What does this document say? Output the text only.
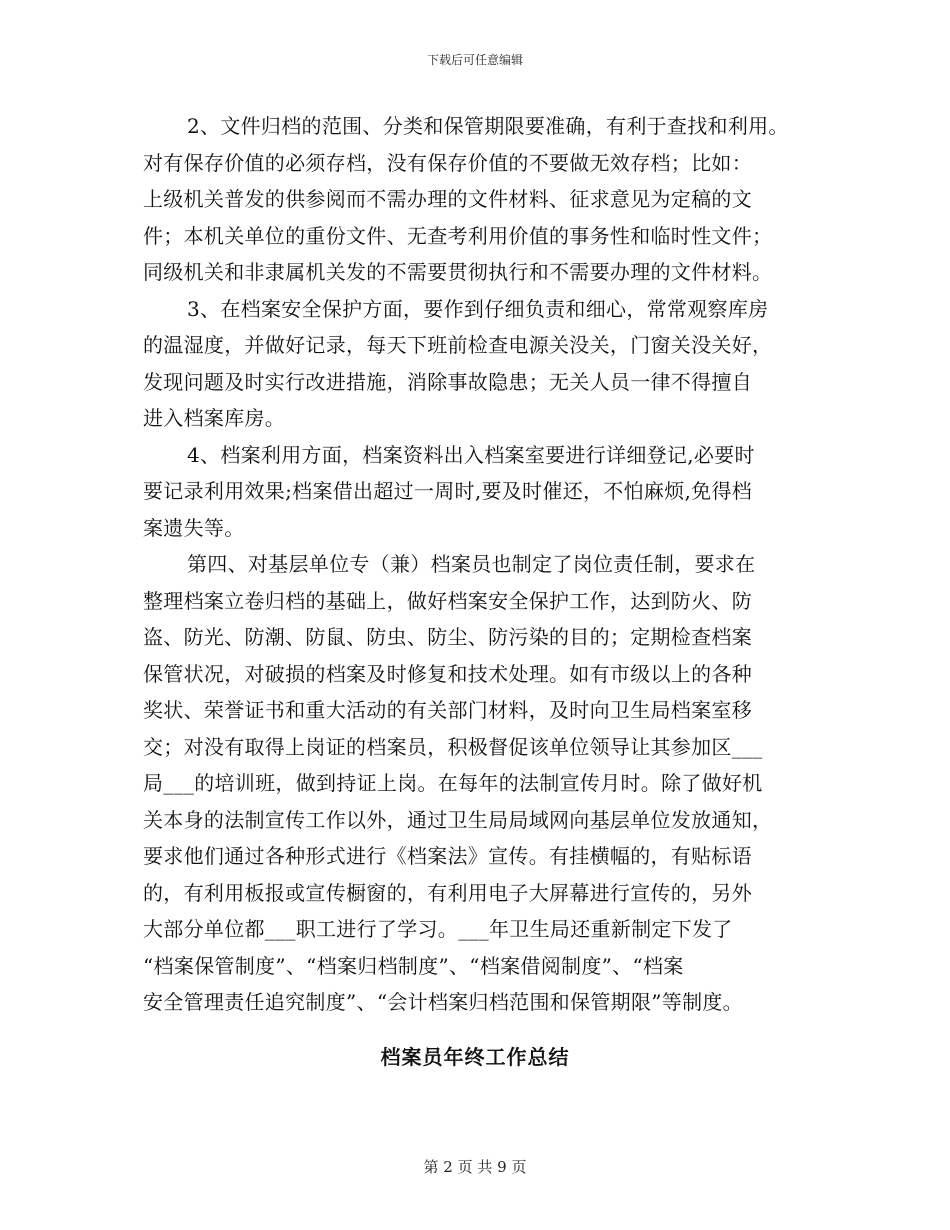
下载后可任意编辑
2、文件归档的范围、分类和保管期限要准确，有利于查找和利用。
对有保存价值的必须存档，没有保存价值的不要做无效存档；比如：
上级机关普发的供参阅而不需办理的文件材料、征求意见为定稿的文
件；本机关单位的重份文件、无查考利用价值的事务性和临时性文件；
同级机关和非隶属机关发的不需要贯彻执行和不需要办理的文件材料。
3、在档案安全保护方面，要作到仔细负责和细心，常常观察库房
的温湿度，并做好记录，每天下班前检查电源关没关，门窗关没关好，
发现问题及时实行改进措施，消除事故隐患；无关人员一律不得擅自
进入档案库房。
4、档案利用方面，档案资料出入档案室要进行详细登记,必要时
要记录利用效果;档案借出超过一周时,要及时催还，不怕麻烦,免得档
案遗失等。
第四、对基层单位专（兼）档案员也制定了岗位责任制，要求在
整理档案立卷归档的基础上，做好档案安全保护工作，达到防火、防
盗、防光、防潮、防鼠、防虫、防尘、防污染的目的；定期检查档案
保管状况，对破损的档案及时修复和技术处理。如有市级以上的各种
奖状、荣誉证书和重大活动的有关部门材料，及时向卫生局档案室移
交；对没有取得上岗证的档案员，积极督促该单位领导让其参加区___
局___的培训班，做到持证上岗。在每年的法制宣传月时。除了做好机
关本身的法制宣传工作以外，通过卫生局局域网向基层单位发放通知，
要求他们通过各种形式进行《档案法》宣传。有挂横幅的，有贴标语
的，有利用板报或宣传橱窗的，有利用电子大屏幕进行宣传的，另外
大部分单位都___职工进行了学习。___年卫生局还重新制定下发了
“档案保管制度”、“档案归档制度”、“档案借阅制度”、“档案
安全管理责任追究制度”、“会计档案归档范围和保管期限”等制度。
档案员年终工作总结
第 2 页 共 9 页
